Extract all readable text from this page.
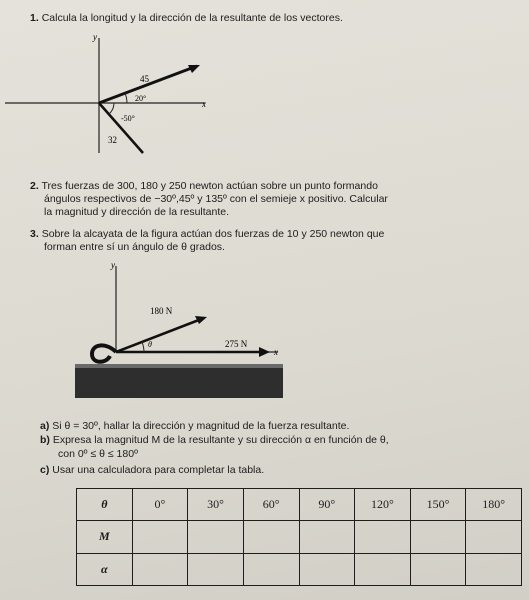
1. Calcula la longitud y la dirección de la resultante de los vectores.
y
x
45
20°
-50°
32
2. Tres fuerzas de 300, 180 y 250 newton actúan sobre un punto formando
ángulos respectivos de −30º,45º y 135º con el semieje x positivo. Calcular
la magnitud y dirección de la resultante.
3. Sobre la alcayata de la figura actúan dos fuerzas de 10 y 250 newton que
forman entre sí un ángulo de θ grados.
y
x
180 N
275 N
θ
a) Si θ = 30º, hallar la dirección y magnitud de la fuerza resultante.
b) Expresa la magnitud M de la resultante y su dirección α en función de θ,
con 0º ≤ θ ≤ 180º
c) Usar una calculadora para completar la tabla.
θ	0°	30°	60°	90°	120°	150°	180°
M							
α							
